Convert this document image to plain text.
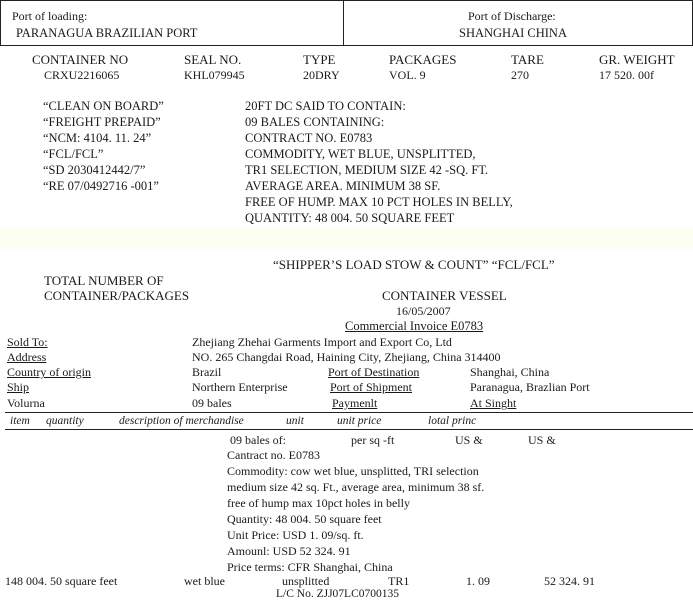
Port of loading:
PARANAGUA BRAZILIAN PORT
Port of Discharge:
SHANGHAI CHINA
CONTAINER NO	SEAL NO.	TYPE	PACKAGES	TARE	GR. WEIGHT
CRXU2216065	KHL079945	20DRY	VOL. 9	270	17 520. 00f
“CLEAN ON BOARD”
“FREIGHT PREPAID”
“NCM: 4104. 11. 24”
“FCL/FCL”
“SD 2030412442/7”
“RE 07/0492716 -001”
20FT DC SAID TO CONTAIN:
09 BALES CONTAINING:
CONTRACT NO. E0783
COMMODITY, WET BLUE, UNSPLITTED,
TR1 SELECTION, MEDIUM SIZE 42 -SQ. FT.
AVERAGE AREA. MINIMUM 38 SF.
FREE OF HUMP. MAX 10 PCT HOLES IN BELLY,
QUANTITY: 48 004. 50 SQUARE FEET
“SHIPPER’S LOAD STOW & COUNT” “FCL/FCL”
TOTAL NUMBER OF
CONTAINER/PACKAGES	CONTAINER VESSEL
16/05/2007
Commercial Invoice E0783
Sold To:	Zhejiang Zhehai Garments Import and Export Co, Ltd
Address	NO. 265 Changdai Road, Haining City, Zhejiang, China 314400
Country of origin	Brazil	Port of Destination	Shanghai, China
Ship	Northern Enterprise	Port of Shipment	Paranagua, Brazlian Port
Volurna	09 bales	Paymenlt	At Singht
item quantity	description of merchandise	unit	unit price	lotal princ
09 bales of:	per sq -ft	US &	US &
Cantract no. E0783
Commodity: cow wet blue, unsplitted, TRI selection
medium size 42 sq. Ft., average area, minimum 38 sf.
free of hump max 10pct holes in belly
Quantity: 48 004. 50 square feet
Unit Price: USD 1. 09/sq. ft.
Amounl: USD 52 324. 91
Price terms: CFR Shanghai, China
148 004. 50 square feet	wet blue	unsplitted	TR1	1. 09	52 324. 91
L/C No. ZJJ07LC0700135
